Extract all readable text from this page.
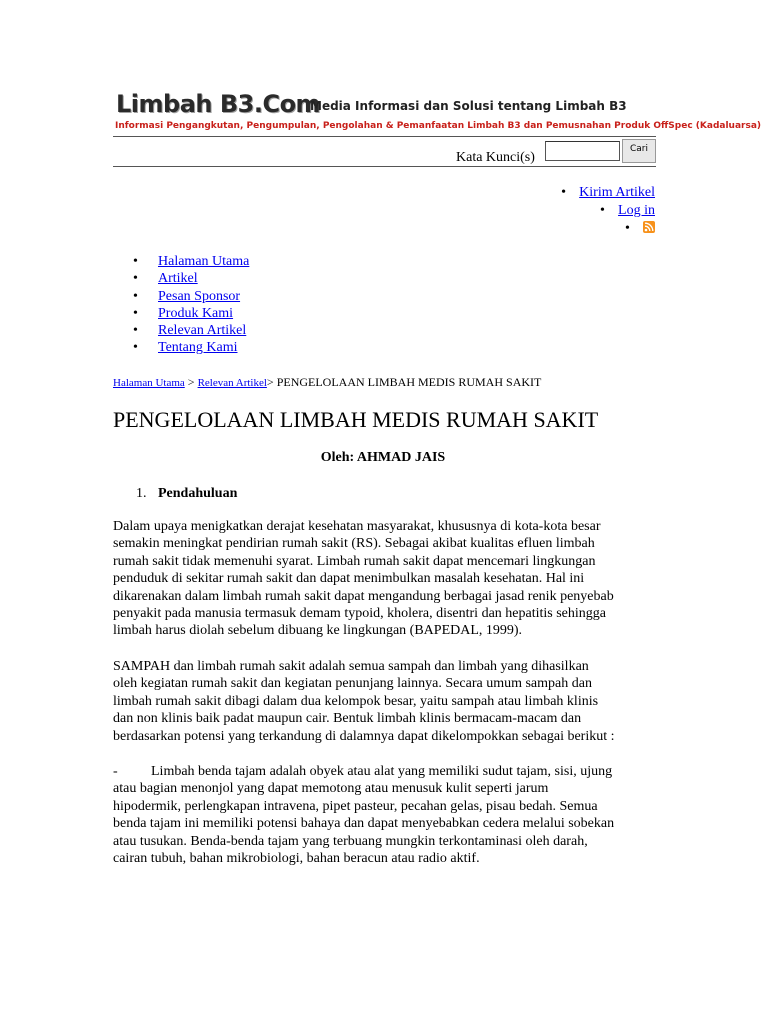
Limbah B3.Com
Media Informasi dan Solusi tentang Limbah B3
Informasi Pengangkutan, Pengumpulan, Pengolahan & Pemanfaatan Limbah B3 dan Pemusnahan Produk OffSpec (Kadaluarsa)
Kata Kunci(s)
Cari
• Kirim Artikel
• Log in
•
• Halaman Utama
• Artikel
• Pesan Sponsor
• Produk Kami
• Relevan Artikel
• Tentang Kami
Halaman Utama > Relevan Artikel> PENGELOLAAN LIMBAH MEDIS RUMAH SAKIT
PENGELOLAAN LIMBAH MEDIS RUMAH SAKIT
Oleh: AHMAD JAIS
1. Pendahuluan

Dalam upaya menigkatkan derajat kesehatan masyarakat, khususnya di kota-kota besar
semakin meningkat pendirian rumah sakit (RS). Sebagai akibat kualitas efluen limbah
rumah sakit tidak memenuhi syarat. Limbah rumah sakit dapat mencemari lingkungan
penduduk di sekitar rumah sakit dan dapat menimbulkan masalah kesehatan. Hal ini
dikarenakan dalam limbah rumah sakit dapat mengandung berbagai jasad renik penyebab
penyakit pada manusia termasuk demam typoid, kholera, disentri dan hepatitis sehingga
limbah harus diolah sebelum dibuang ke lingkungan (BAPEDAL, 1999).

SAMPAH dan limbah rumah sakit adalah semua sampah dan limbah yang dihasilkan
oleh kegiatan rumah sakit dan kegiatan penunjang lainnya. Secara umum sampah dan
limbah rumah sakit dibagi dalam dua kelompok besar, yaitu sampah atau limbah klinis
dan non klinis baik padat maupun cair. Bentuk limbah klinis bermacam-macam dan
berdasarkan potensi yang terkandung di dalamnya dapat dikelompokkan sebagai berikut :

- Limbah benda tajam adalah obyek atau alat yang memiliki sudut tajam, sisi, ujung
atau bagian menonjol yang dapat memotong atau menusuk kulit seperti jarum
hipodermik, perlengkapan intravena, pipet pasteur, pecahan gelas, pisau bedah. Semua
benda tajam ini memiliki potensi bahaya dan dapat menyebabkan cedera melalui sobekan
atau tusukan. Benda-benda tajam yang terbuang mungkin terkontaminasi oleh darah,
cairan tubuh, bahan mikrobiologi, bahan beracun atau radio aktif.
